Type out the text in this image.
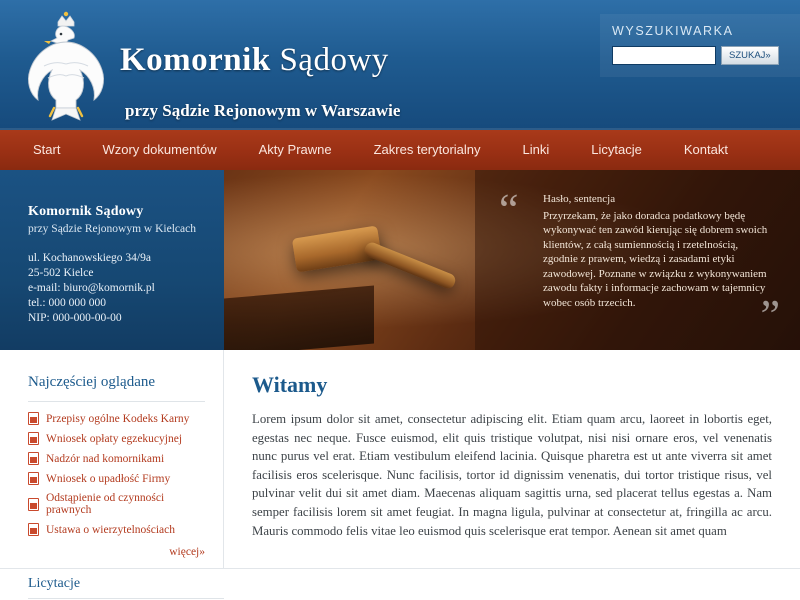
Komornik Sądowy
przy Sądzie Rejonowym w Warszawie
WYSZUKIWARKA
SZUKAJ»
Start	Wzory dokumentów	Akty Prawne	Zakres terytorialny	Linki	Licytacje	Kontakt
Komornik Sądowy
przy Sądzie Rejonowym w Kielcach
ul. Kochanowskiego 34/9a
25-502 Kielce
e-mail: biuro@komornik.pl
tel.: 000 000 000
NIP: 000-000-00-00
“ Hasło, sentencja
Przyrzekam, że jako doradca podatkowy będę wykonywać ten zawód kierując się dobrem swoich klientów, z całą sumiennością i rzetelnością, zgodnie z prawem, wiedzą i zasadami etyki zawodowej. Poznane w związku z wykonywaniem zawodu fakty i informacje zachowam w tajemnicy wobec osób trzecich.	”
Najczęściej oglądane
Przepisy ogólne Kodeks Karny
Wniosek opłaty egzekucyjnej
Nadzór nad komornikami
Wniosek o upadłość Firmy
Odstąpienie od czynności prawnych
Ustawa o wierzytelnościach
więcej»
Witamy

Lorem ipsum dolor sit amet, consectetur adipiscing elit. Etiam quam arcu, laoreet in lobortis eget, egestas nec neque. Fusce euismod, elit quis tristique volutpat, nisi nisi ornare eros, vel venenatis nunc purus vel erat. Etiam vestibulum eleifend lacinia. Quisque pharetra est ut ante viverra sit amet facilisis eros scelerisque. Nunc facilisis, tortor id dignissim venenatis, dui tortor tristique risus, vel pulvinar velit dui sit amet diam. Maecenas aliquam sagittis urna, sed placerat tellus egestas a. Nam semper facilisis lorem sit amet feugiat. In magna ligula, pulvinar at consectetur at, fringilla ac arcu. Mauris commodo felis vitae leo euismod quis scelerisque erat tempor. Aenean sit amet quam

Licytacje
